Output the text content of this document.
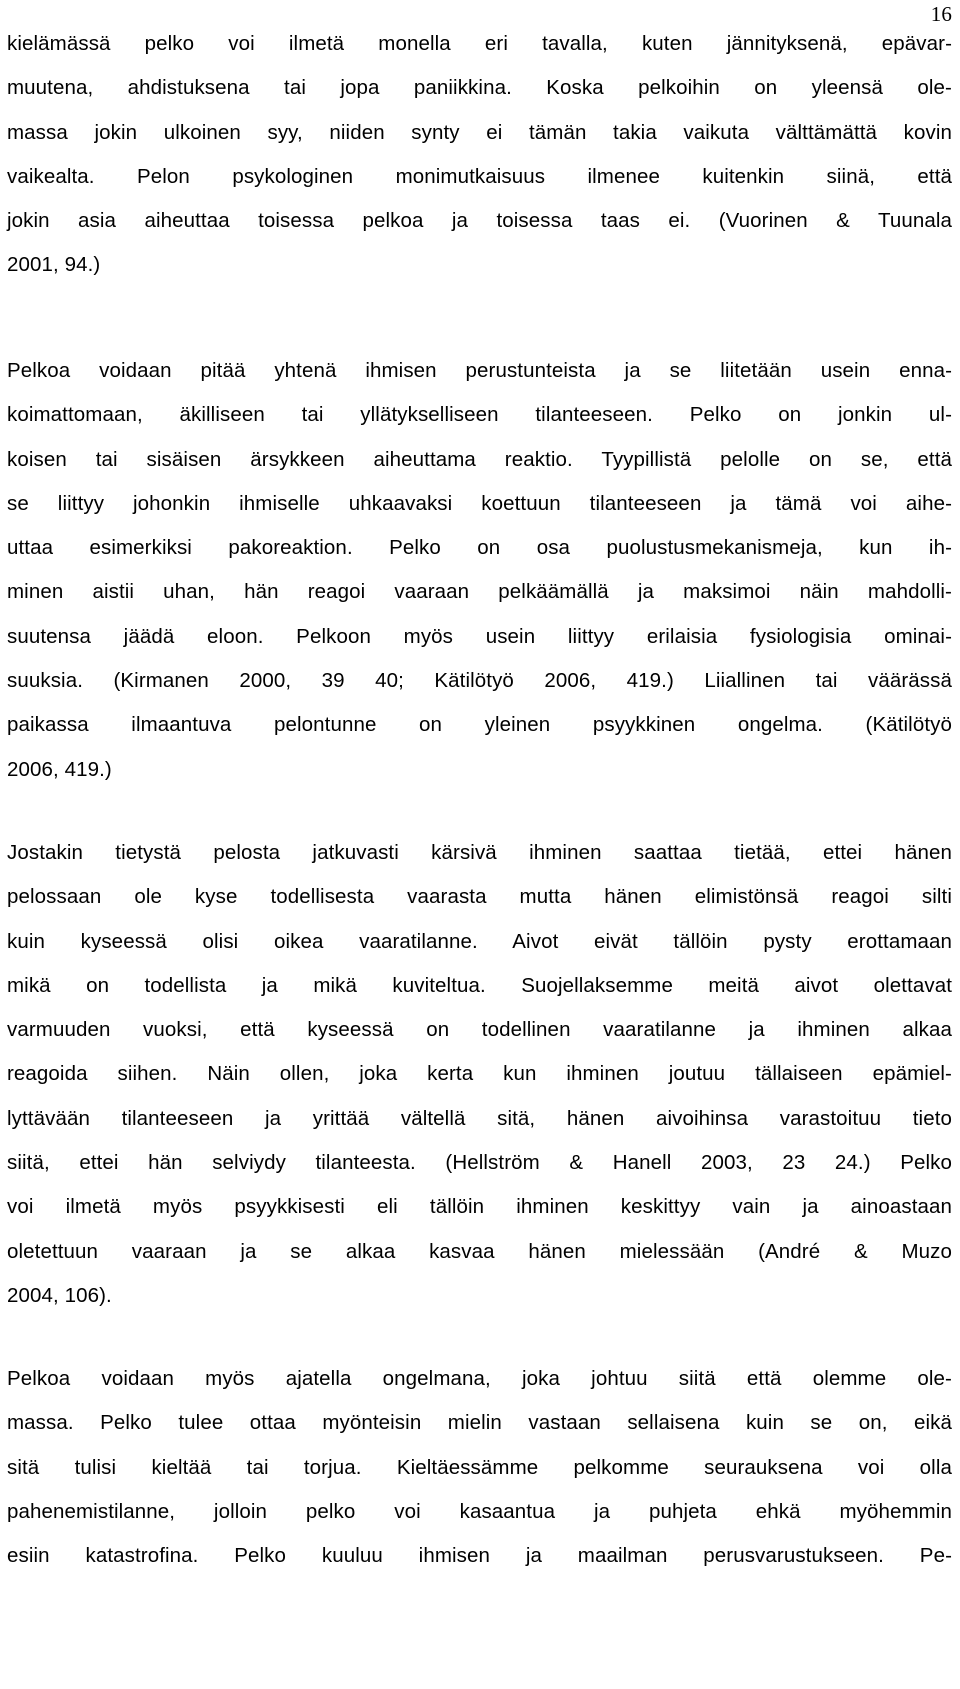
16
kielämässä pelko voi ilmetä monella eri tavalla, kuten jännityksenä, epävar-
muutena, ahdistuksena tai jopa paniikkina. Koska pelkoihin on yleensä ole-
massa jokin ulkoinen syy, niiden synty ei tämän takia vaikuta välttämättä kovin
vaikealta. Pelon psykologinen monimutkaisuus ilmenee kuitenkin siinä, että
jokin asia aiheuttaa toisessa pelkoa ja toisessa taas ei. (Vuorinen & Tuunala
2001, 94.)
Pelkoa voidaan pitää yhtenä ihmisen perustunteista ja se liitetään usein enna-
koimattomaan, äkilliseen tai yllätykselliseen tilanteeseen. Pelko on jonkin ul-
koisen tai sisäisen ärsykkeen aiheuttama reaktio. Tyypillistä pelolle on se, että
se liittyy johonkin ihmiselle uhkaavaksi koettuun tilanteeseen ja tämä voi aihe-
uttaa esimerkiksi pakoreaktion. Pelko on osa puolustusmekanismeja, kun ih-
minen aistii uhan, hän reagoi vaaraan pelkäämällä ja maksimoi näin mahdolli-
suutensa jäädä eloon. Pelkoon myös usein liittyy erilaisia fysiologisia ominai-
suuksia. (Kirmanen 2000, 39 40; Kätilötyö 2006, 419.) Liiallinen tai väärässä
paikassa ilmaantuva pelontunne on yleinen psyykkinen ongelma. (Kätilötyö
2006, 419.)
Jostakin tietystä pelosta jatkuvasti kärsivä ihminen saattaa tietää, ettei hänen
pelossaan ole kyse todellisesta vaarasta mutta hänen elimistönsä reagoi silti
kuin kyseessä olisi oikea vaaratilanne. Aivot eivät tällöin pysty erottamaan
mikä on todellista ja mikä kuviteltua. Suojellaksemme meitä aivot olettavat
varmuuden vuoksi, että kyseessä on todellinen vaaratilanne ja ihminen alkaa
reagoida siihen. Näin ollen, joka kerta kun ihminen joutuu tällaiseen epämiel-
lyttävään tilanteeseen ja yrittää vältellä sitä, hänen aivoihinsa varastoituu tieto
siitä, ettei hän selviydy tilanteesta. (Hellström & Hanell 2003, 23 24.) Pelko
voi ilmetä myös psyykkisesti eli tällöin ihminen keskittyy vain ja ainoastaan
oletettuun vaaraan ja se alkaa kasvaa hänen mielessään (André & Muzo
2004, 106).
Pelkoa voidaan myös ajatella ongelmana, joka johtuu siitä että olemme ole-
massa. Pelko tulee ottaa myönteisin mielin vastaan sellaisena kuin se on, eikä
sitä tulisi kieltää tai torjua. Kieltäessämme pelkomme seurauksena voi olla
pahenemistilanne, jolloin pelko voi kasaantua ja puhjeta ehkä myöhemmin
esiin katastrofina. Pelko kuuluu ihmisen ja maailman perusvarustukseen. Pe-
